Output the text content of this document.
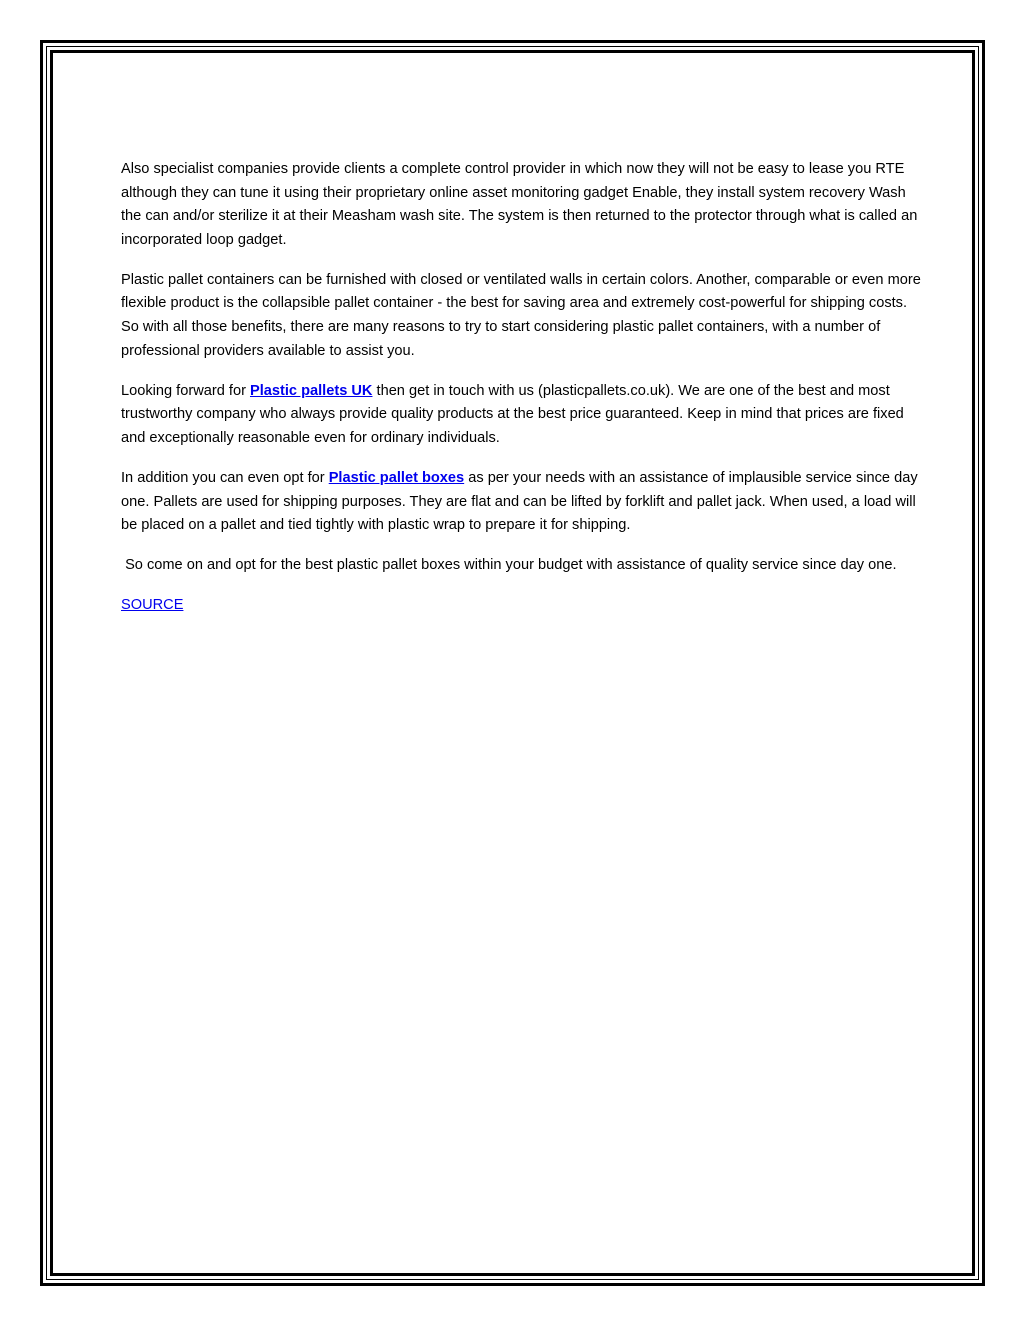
Also specialist companies provide clients a complete control provider in which now they will not be easy to lease you RTE although they can tune it using their proprietary online asset monitoring gadget Enable, they install system recovery Wash the can and/or sterilize it at their Measham wash site. The system is then returned to the protector through what is called an incorporated loop gadget.

Plastic pallet containers can be furnished with closed or ventilated walls in certain colors. Another, comparable or even more flexible product is the collapsible pallet container - the best for saving area and extremely cost-powerful for shipping costs. So with all those benefits, there are many reasons to try to start considering plastic pallet containers, with a number of professional providers available to assist you.

Looking forward for Plastic pallets UK then get in touch with us (plasticpallets.co.uk). We are one of the best and most trustworthy company who always provide quality products at the best price guaranteed. Keep in mind that prices are fixed and exceptionally reasonable even for ordinary individuals.

In addition you can even opt for Plastic pallet boxes as per your needs with an assistance of implausible service since day one. Pallets are used for shipping purposes. They are flat and can be lifted by forklift and pallet jack. When used, a load will be placed on a pallet and tied tightly with plastic wrap to prepare it for shipping.

So come on and opt for the best plastic pallet boxes within your budget with assistance of quality service since day one.

SOURCE
